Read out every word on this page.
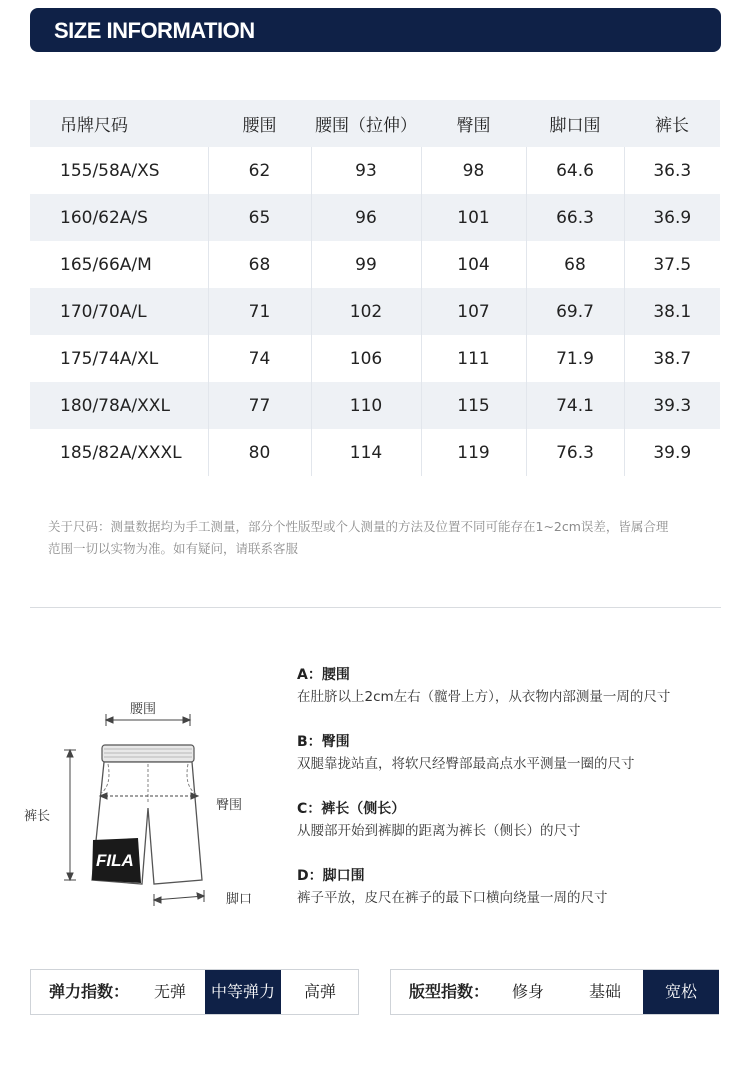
SIZE INFORMATION
吊牌尺码	腰围	腰围（拉伸）	臀围	脚口围	裤长
155/58A/XS	62	93	98	64.6	36.3
160/62A/S	65	96	101	66.3	36.9
165/66A/M	68	99	104	68	37.5
170/70A/L	71	102	107	69.7	38.1
175/74A/XL	74	106	111	71.9	38.7
180/78A/XXL	77	110	115	74.1	39.3
185/82A/XXXL	80	114	119	76.3	39.9
关于尺码：测量数据均为手工测量，部分个性版型或个人测量的方法及位置不同可能存在1~2cm误差，皆属合理
范围一切以实物为准。如有疑问，请联系客服
FILA
腰围
臀围
裤长
脚口
A：腰围
在肚脐以上2cm左右（髋骨上方），从衣物内部测量一周的尺寸
B：臀围
双腿靠拢站直，将软尺经臀部最高点水平测量一圈的尺寸
C：裤长（侧长）
从腰部开始到裤脚的距离为裤长（侧长）的尺寸
D：脚口围
裤子平放，皮尺在裤子的最下口横向绕量一周的尺寸
弹力指数：	无弹	中等弹力	高弹	版型指数：	修身	基础	宽松
